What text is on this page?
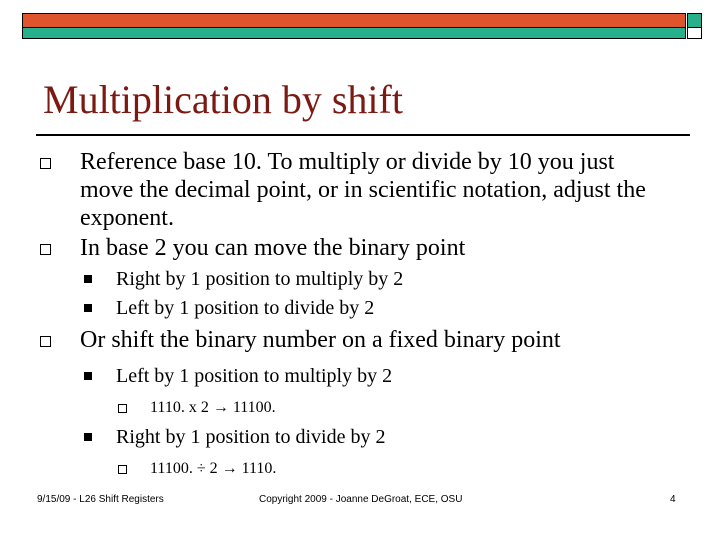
Multiplication by shift
Reference base 10. To multiply or divide by 10 you just move the decimal point, or in scientific notation, adjust the exponent.
In base 2 you can move the binary point
Right by 1 position to multiply by 2
Left by 1 position to divide by 2
Or shift the binary number on a fixed binary point
Left by 1 position to multiply by 2
1110. x 2 → 11100.
Right by 1 position to divide by 2
11100. ÷ 2 → 1110.
9/15/09 - L26 Shift Registers	Copyright 2009 - Joanne DeGroat, ECE, OSU	4
